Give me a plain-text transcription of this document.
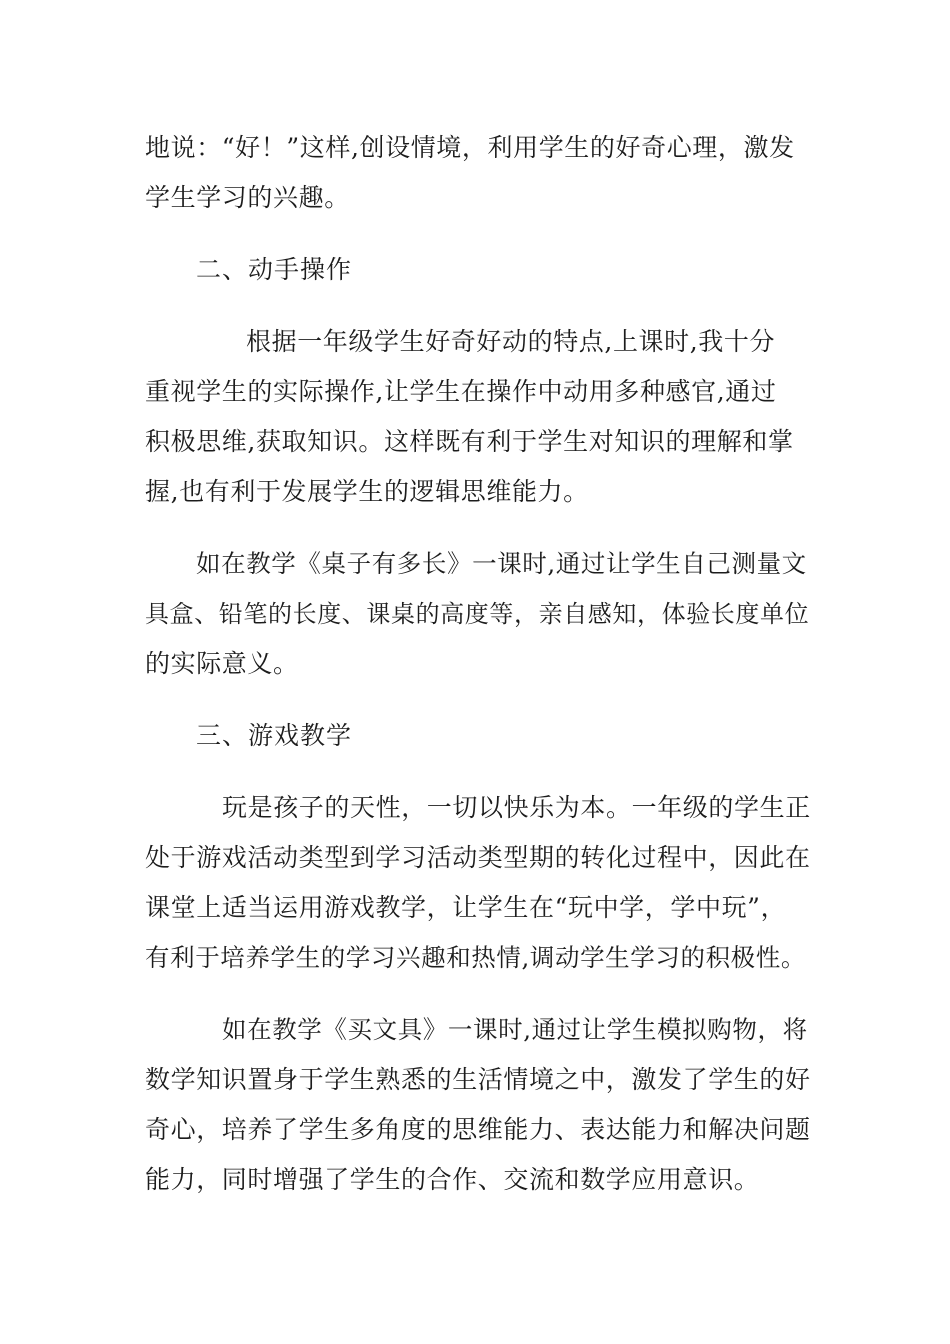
地说：“好！”这样,创设情境，利用学生的好奇心理，激发
学生学习的兴趣。
二、动手操作
根据一年级学生好奇好动的特点,上课时,我十分
重视学生的实际操作,让学生在操作中动用多种感官,通过
积极思维,获取知识。这样既有利于学生对知识的理解和掌
握,也有利于发展学生的逻辑思维能力。
如在教学《桌子有多长》一课时,通过让学生自己测量文
具盒、铅笔的长度、课桌的高度等，亲自感知，体验长度单位
的实际意义。
三、游戏教学
玩是孩子的天性，一切以快乐为本。一年级的学生正
处于游戏活动类型到学习活动类型期的转化过程中，因此在
课堂上适当运用游戏教学，让学生在“玩中学，学中玩”，
有利于培养学生的学习兴趣和热情,调动学生学习的积极性。
如在教学《买文具》一课时,通过让学生模拟购物，将
数学知识置身于学生熟悉的生活情境之中，激发了学生的好
奇心，培养了学生多角度的思维能力、表达能力和解决问题
能力，同时增强了学生的合作、交流和数学应用意识。
